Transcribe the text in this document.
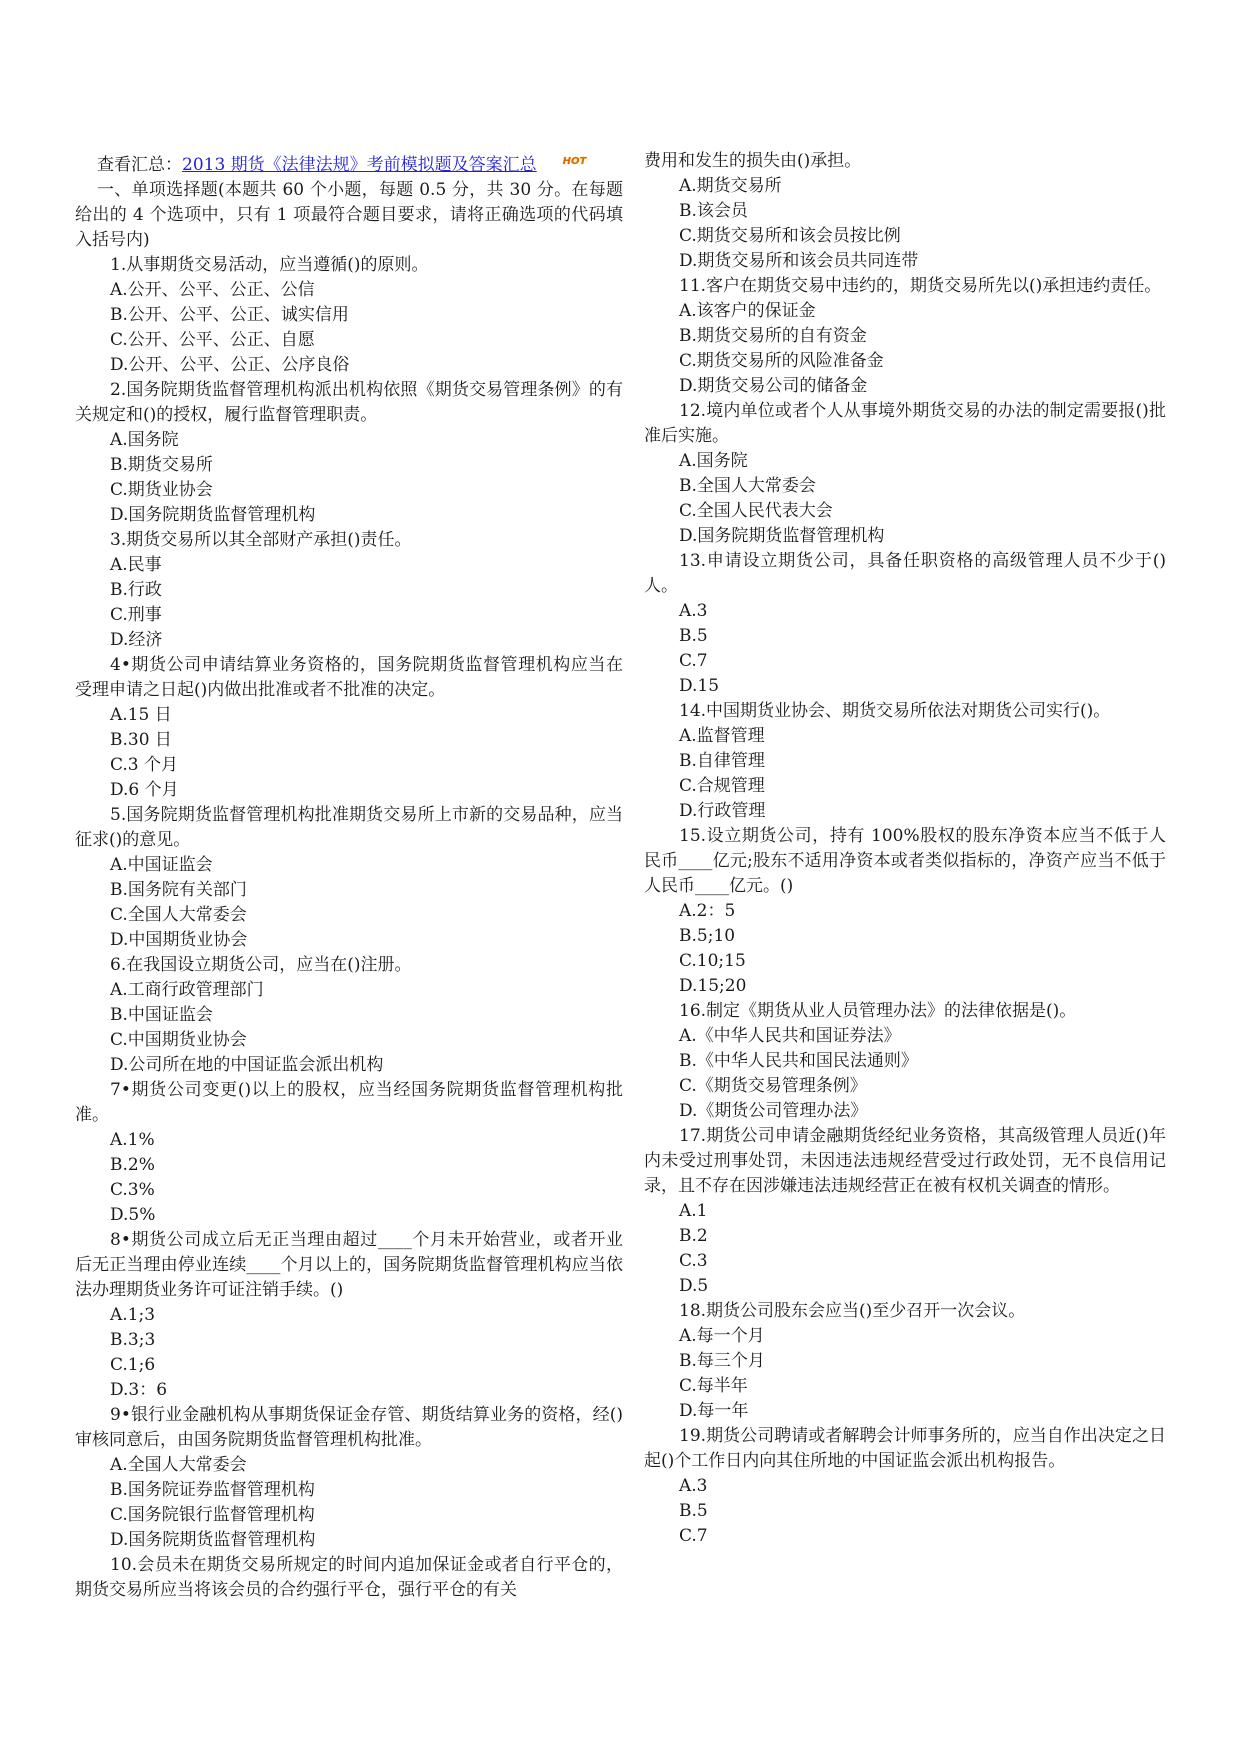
查看汇总：2013 期货《法律法规》考前模拟题及答案汇总	HOT

一、单项选择题(本题共 60 个小题，每题 0.5 分，共 30 分。在每题给出的 4 个选项中，只有 1 项最符合题目要求，请将正确选项的代码填入括号内)

1.从事期货交易活动，应当遵循()的原则。

A.公开、公平、公正、公信

B.公开、公平、公正、诚实信用

C.公开、公平、公正、自愿

D.公开、公平、公正、公序良俗

2.国务院期货监督管理机构派出机构依照《期货交易管理条例》的有关规定和()的授权，履行监督管理职责。

A.国务院

B.期货交易所

C.期货业协会

D.国务院期货监督管理机构

3.期货交易所以其全部财产承担()责任。

A.民事

B.行政

C.刑事

D.经济

4•期货公司申请结算业务资格的，国务院期货监督管理机构应当在受理申请之日起()内做出批准或者不批准的决定。

A.15 日

B.30 日

C.3 个月

D.6 个月

5.国务院期货监督管理机构批准期货交易所上市新的交易品种，应当征求()的意见。

A.中国证监会

B.国务院有关部门

C.全国人大常委会

D.中国期货业协会

6.在我国设立期货公司，应当在()注册。

A.工商行政管理部门

B.中国证监会

C.中国期货业协会

D.公司所在地的中国证监会派出机构

7•期货公司变更()以上的股权，应当经国务院期货监督管理机构批准。

A.1%

B.2%

C.3%

D.5%

8•期货公司成立后无正当理由超过____个月未开始营业，或者开业后无正当理由停业连续____个月以上的，国务院期货监督管理机构应当依法办理期货业务许可证注销手续。()

A.1;3

B.3;3

C.1;6

D.3：6

9•银行业金融机构从事期货保证金存管、期货结算业务的资格，经()审核同意后，由国务院期货监督管理机构批准。

A.全国人大常委会

B.国务院证券监督管理机构

C.国务院银行监督管理机构

D.国务院期货监督管理机构

10.会员未在期货交易所规定的时间内追加保证金或者自行平仓的，期货交易所应当将该会员的合约强行平仓，强行平仓的有关

费用和发生的损失由()承担。

A.期货交易所

B.该会员

C.期货交易所和该会员按比例

D.期货交易所和该会员共同连带

11.客户在期货交易中违约的，期货交易所先以()承担违约责任。

A.该客户的保证金

B.期货交易所的自有资金

C.期货交易所的风险准备金

D.期货交易公司的储备金

12.境内单位或者个人从事境外期货交易的办法的制定需要报()批准后实施。

A.国务院

B.全国人大常委会

C.全国人民代表大会

D.国务院期货监督管理机构

13.申请设立期货公司，具备任职资格的高级管理人员不少于()人。

A.3

B.5

C.7

D.15

14.中国期货业协会、期货交易所依法对期货公司实行()。

A.监督管理

B.自律管理

C.合规管理

D.行政管理

15.设立期货公司，持有 100%股权的股东净资本应当不低于人民币____亿元;股东不适用净资本或者类似指标的，净资产应当不低于人民币____亿元。()

A.2：5

B.5;10

C.10;15

D.15;20

16.制定《期货从业人员管理办法》的法律依据是()。

A.《中华人民共和国证券法》

B.《中华人民共和国民法通则》

C.《期货交易管理条例》

D.《期货公司管理办法》

17.期货公司申请金融期货经纪业务资格，其高级管理人员近()年内未受过刑事处罚，未因违法违规经营受过行政处罚，无不良信用记录，且不存在因涉嫌违法违规经营正在被有权机关调查的情形。

A.1

B.2

C.3

D.5

18.期货公司股东会应当()至少召开一次会议。

A.每一个月

B.每三个月

C.每半年

D.每一年

19.期货公司聘请或者解聘会计师事务所的，应当自作出决定之日起()个工作日内向其住所地的中国证监会派出机构报告。

A.3

B.5

C.7
